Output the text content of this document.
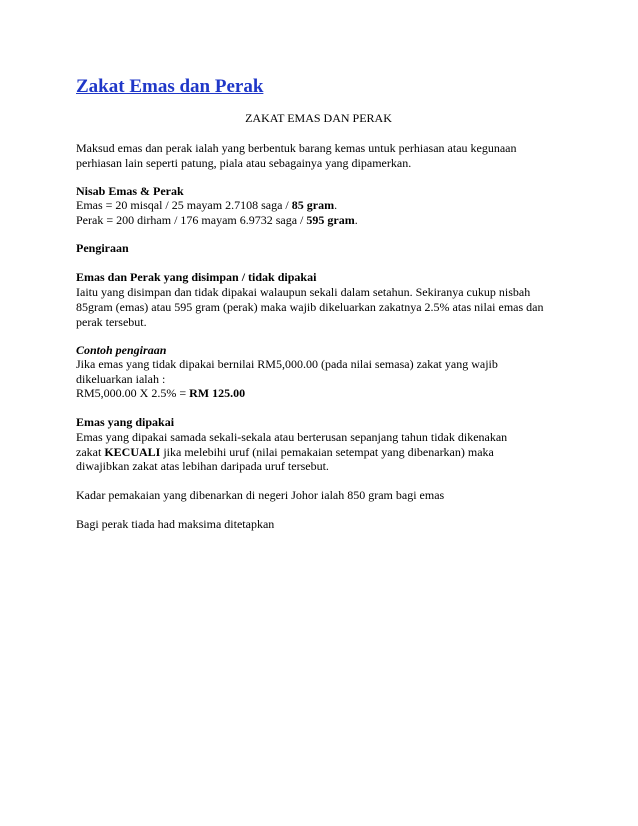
Zakat Emas dan Perak
ZAKAT EMAS DAN PERAK
Maksud emas dan perak ialah yang berbentuk barang kemas untuk perhiasan atau kegunaan
perhiasan lain seperti patung, piala atau sebagainya yang dipamerkan.
Nisab Emas & Perak
Emas = 20 misqal / 25 mayam 2.7108 saga / 85 gram.
Perak = 200 dirham / 176 mayam 6.9732 saga / 595 gram.
Pengiraan
Emas dan Perak yang disimpan / tidak dipakai
Iaitu yang disimpan dan tidak dipakai walaupun sekali dalam setahun. Sekiranya cukup nisbah
85gram (emas) atau 595 gram (perak) maka wajib dikeluarkan zakatnya 2.5% atas nilai emas dan
perak tersebut.
Contoh pengiraan
Jika emas yang tidak dipakai bernilai RM5,000.00 (pada nilai semasa) zakat yang wajib
dikeluarkan ialah :
RM5,000.00 X 2.5% = RM 125.00
Emas yang dipakai
Emas yang dipakai samada sekali-sekala atau berterusan sepanjang tahun tidak dikenakan
zakat KECUALI jika melebihi uruf (nilai pemakaian setempat yang dibenarkan) maka
diwajibkan zakat atas lebihan daripada uruf tersebut.
Kadar pemakaian yang dibenarkan di negeri Johor ialah 850 gram bagi emas
Bagi perak tiada had maksima ditetapkan
